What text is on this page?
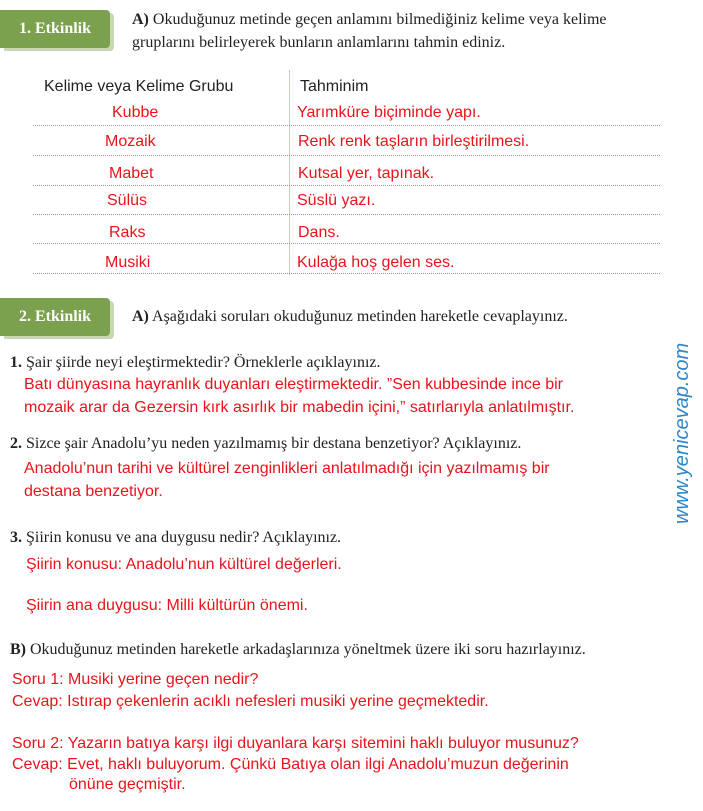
1. Etkinlik
A) Okuduğunuz metinde geçen anlamını bilmediğiniz kelime veya kelime
gruplarını belirleyerek bunların anlamlarını tahmin ediniz.
Kelime veya Kelime Grubu	Tahminim
Kubbe	Yarımküre biçiminde yapı.
Mozaik	Renk renk taşların birleştirilmesi.
Mabet	Kutsal yer, tapınak.
Sülüs	Süslü yazı.
Raks	Dans.
Musiki	Kulağa hoş gelen ses.
2. Etkinlik	A) Aşağıdaki soruları okuduğunuz metinden hareketle cevaplayınız.
1. Şair şiirde neyi eleştirmektedir? Örneklerle açıklayınız.
Batı dünyasına hayranlık duyanları eleştirmektedir. ”Sen kubbesinde ince bir
mozaik arar da Gezersin kırk asırlık bir mabedin içini,” satırlarıyla anlatılmıştır.
2. Sizce şair Anadolu’yu neden yazılmamış bir destana benzetiyor? Açıklayınız.
Anadolu’nun tarihi ve kültürel zenginlikleri anlatılmadığı için yazılmamış bir
destana benzetiyor.
3. Şiirin konusu ve ana duygusu nedir? Açıklayınız.
Şiirin konusu: Anadolu’nun kültürel değerleri.
Şiirin ana duygusu: Milli kültürün önemi.
B) Okuduğunuz metinden hareketle arkadaşlarınıza yöneltmek üzere iki soru hazırlayınız.
Soru 1: Musiki yerine geçen nedir?
Cevap: Istırap çekenlerin acıklı nefesleri musiki yerine geçmektedir.
Soru 2: Yazarın batıya karşı ilgi duyanlara karşı sitemini haklı buluyor musunuz?
Cevap: Evet, haklı buluyorum. Çünkü Batıya olan ilgi Anadolu’muzun değerinin
önüne geçmiştir.
www.yenicevap.com
